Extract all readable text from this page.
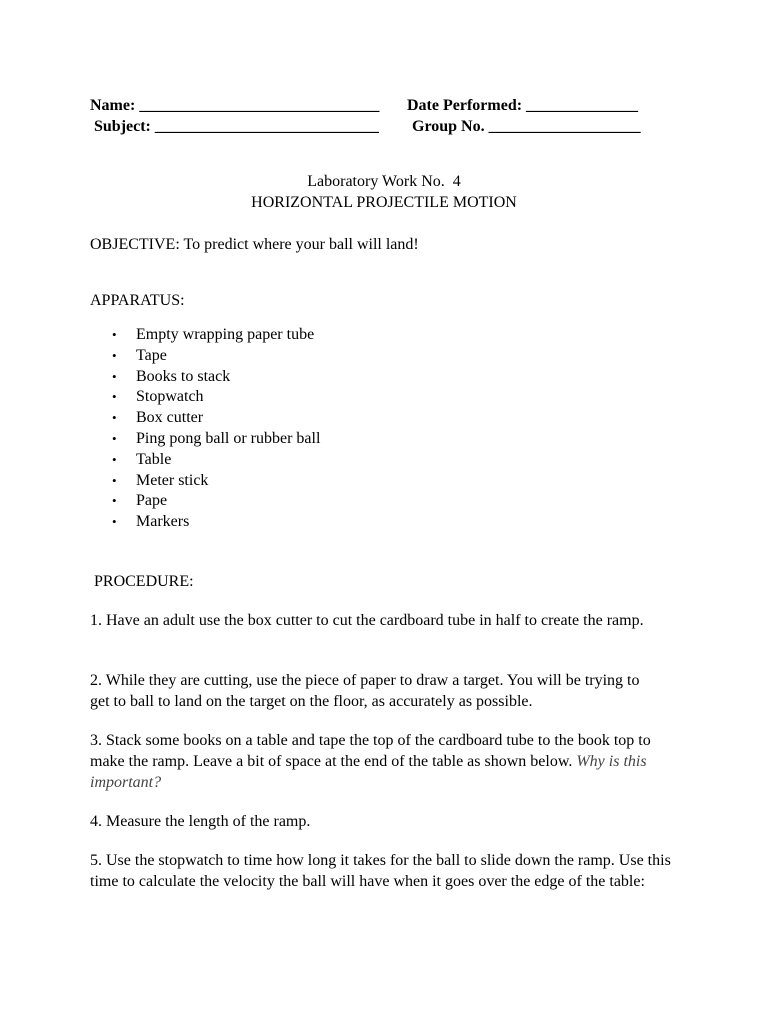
Name: ______________________________ Date Performed: ______________
Subject: ____________________________ Group No. ___________________
Laboratory Work No.  4
HORIZONTAL PROJECTILE MOTION
OBJECTIVE: To predict where your ball will land!
APPARATUS:
• Empty wrapping paper tube
• Tape
• Books to stack
• Stopwatch
• Box cutter
• Ping pong ball or rubber ball
• Table
• Meter stick
• Pape
• Markers
PROCEDURE:
1. Have an adult use the box cutter to cut the cardboard tube in half to create the ramp.
2. While they are cutting, use the piece of paper to draw a target. You will be trying to get to ball to land on the target on the floor, as accurately as possible.
3. Stack some books on a table and tape the top of the cardboard tube to the book top to make the ramp. Leave a bit of space at the end of the table as shown below. Why is this important?
4. Measure the length of the ramp.
5. Use the stopwatch to time how long it takes for the ball to slide down the ramp. Use this time to calculate the velocity the ball will have when it goes over the edge of the table:
